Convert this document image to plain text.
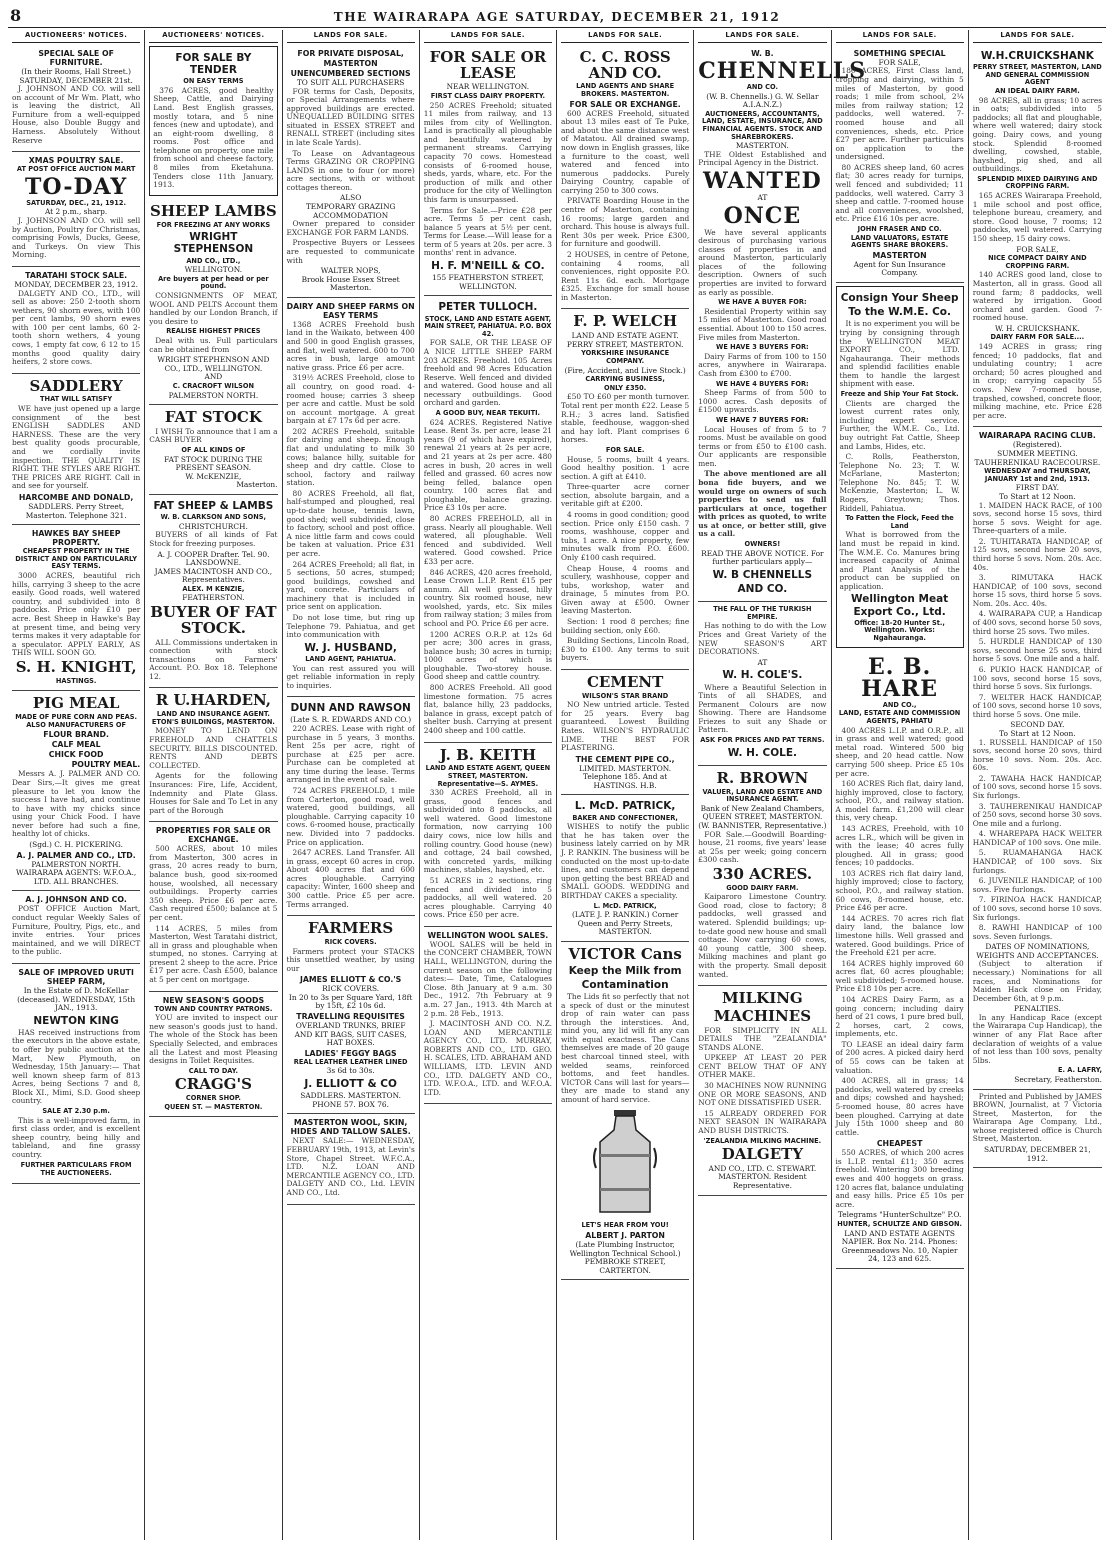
8	THE WAIRARAPA AGE SATURDAY, DECEMBER 21, 1912
AUCTIONEERS' NOTICES.
SPECIAL SALE OF FURNITURE.
(In their Rooms, Hall Street.) SATURDAY, DECEMBER 21st.

J. JOHNSON AND CO. will sell on account of Mr Wm. Platt, who is leaving the district, All Furniture from a well-equipped House, also Double Buggy and Harness. Absolutely Without Reserve

XMAS POULTRY SALE.
AT POST OFFICE AUCTION MART
TO-DAY
SATURDAY, DEC., 21, 1912.
At 2 p.m., sharp.

J. JOHNSON AND CO. will sell by Auction, Poultry for Christmas, comprising Fowls, Ducks, Geese, and Turkeys. On view This Morning.

TARATAHI STOCK SALE.
MONDAY, DECEMBER 23, 1912.

DALGETY AND CO., LTD., will sell as above: 250 2-tooth shorn wethers, 90 shorn ewes, with 100 per cent lambs, 90 shorn ewes with 100 per cent lambs, 60 2-tooth shorn wethers, 4 young cows, 1 empty fat cow, 6 12 to 15 months good quality dairy heifers, 2 store cows.

SADDLERY
THAT WILL SATISFY

WE have just opened up a large consignment of the best ENGLISH SADDLES AND HARNESS. These are the very best quality goods procurable, and we cordially invite inspection. THE QUALITY IS RIGHT. THE STYLES ARE RIGHT. THE PRICES ARE RIGHT. Call in and see for yourself.

HARCOMBE AND DONALD,
SADDLERS. Perry Street, Masterton. Telephone 321.
HAWKES BAY SHEEP PROPERTY.
CHEAPEST PROPERTY IN THE DISTRICT AND ON PARTICULARLY EASY TERMS.

3000 ACRES, beautiful rich hills, carrying 3 sheep to the acre easily. Good roads, well watered country, and subdivided into 8 paddocks. Price only £10 per acre. Best Sheep in Hawke's Bay at present time, and being very terms makes it very adaptable for a speculator. APPLY EARLY, AS THIS WILL SOON GO.

S. H. KNIGHT,
HASTINGS.
PIG MEAL
MADE OF PURE CORN AND PEAS. ALSO MANUFACTURERS OF
FLOUR BRAND.
CALF MEAL
CHICK FOOD
POULTRY MEAL.

Messrs A. J. PALMER AND CO. Dear Sirs,—It gives me great pleasure to let you know the success I have had, and continue to have with my chicks since using your Chick Food. I have never before had such a fine, healthy lot of chicks.

(Sgd.) C. H. PICKERING.
A. J. PALMER AND CO., LTD.
PALMERSTON NORTH.
WAIRARAPA AGENTS: W.F.O.A., LTD. ALL BRANCHES.
A. J. JOHNSON AND CO.

POST OFFICE Auction Mart, conduct regular Weekly Sales of Furniture, Poultry, Pigs, etc., and invite entries. Your prices maintained, and we will DIRECT to the public.

SALE OF IMPROVED URUTI SHEEP FARM,
In the Estate of D. McKellar (deceased). WEDNESDAY, 15th JAN., 1913.
NEWTON KING

HAS received instructions from the executors in the above estate, to offer by public auction at the Mart, New Plymouth, on Wednesday, 15th January:— That well known sheep farm of 813 Acres, being Sections 7 and 8, Block XI., Mimi, S.D. Good sheep country.

SALE AT 2.30 p.m.

This is a well-improved farm, in first class order, and is excellent sheep country, being hilly and tableland, and fine grassy country.

FURTHER PARTICULARS FROM
THE AUCTIONEERS.
AUCTIONEERS' NOTICES.
FOR SALE BY TENDER
ON EASY TERMS

376 ACRES, good healthy Sheep, Cattle, and Dairying Land. Best English grasses, mostly totara, and 5 nine fences (new and uptodate), and an eight-room dwelling, 8 rooms. Post office and telephone on property, one mile from school and cheese factory, 8 miles from Eketahuna. Tenders close 11th January, 1913.

SHEEP LAMBS
FOR FREEZING AT ANY WORKS
WRIGHT STEPHENSON
AND CO., LTD.,
WELLINGTON.
Are buyers at per head or per pound.

CONSIGNMENTS OF MEAT, WOOL AND PELTS Account them handled by our London Branch, if you desire to

REALISE HIGHEST PRICES

Deal with us. Full particulars can be obtained from

WRIGHT STEPHENSON AND CO., LTD., WELLINGTON.
AND
C. CRACROFT WILSON
PALMERSTON NORTH.
FAT STOCK

I WISH To announce that I am a CASH BUYER

OF ALL KINDS OF
FAT STOCK DURING THE PRESENT SEASON.
W. McKENZIE,
Masterton.
FAT SHEEP & LAMBS
W. B. CLARKSON AND SONS,
CHRISTCHURCH.

BUYERS of all kinds of Fat Stock for freezing purposes.

A. J. COOPER Drafter. Tel. 90.
LANSDOWNE.
JAMES MACINTOSH AND CO.,
Representatives.
ALEX. M KENZIE,
FEATHERSTON.
BUYER OF FAT STOCK.

ALL Commissions undertaken in connection with stock transactions on Farmers' Account. P.O. Box 18. Telephone 12.

R U.HARDEN,
LAND AND INSURANCE AGENT. ETON'S BUILDINGS, MASTERTON.

MONEY TO LEND ON FREEHOLD AND CHATTELS SECURITY. BILLS DISCOUNTED. RENTS AND DEBTS COLLECTED.

Agents for the following Insurances: Fire, Life, Accident, Indemnity and Plate Glass. Houses for Sale and To Let in any part of the Borough

PROPERTIES FOR SALE OR EXCHANGE.

500 ACRES, about 10 miles from Masterton, 300 acres in grass, 20 acres ready to burn, balance bush, good six-roomed house, woolshed, all necessary outbuildings. Property carries 350 sheep. Price £6 per acre. Cash required £500; balance at 5 per cent.

114 ACRES, 5 miles from Masterton, West Taratahi district, all in grass and ploughable when stumped, no stones. Carrying at present 2 sheep to the acre. Price £17 per acre. Cash £500, balance at 5 per cent on mortgage.

NEW SEASON'S GOODS
TOWN AND COUNTRY PATRONS.

YOU are invited to inspect our new season's goods just to hand. The whole of the Stock has been Specially Selected, and embraces all the Latest and most Pleasing designs in Toilet Requisites.

CALL TO DAY.
CRAGG'S
CORNER SHOP.
QUEEN ST. — MASTERTON.
LANDS FOR SALE.
FOR PRIVATE DISPOSAL,
MASTERTON
UNENCUMBERED SECTIONS
TO SUIT ALL PURCHASERS

FOR terms for Cash, Deposits, or Special Arrangements where approved buildings are erected. UNEQUALLED BUILDING SITES situated in ESSEX STREET and RENALL STREET (including sites in late Scale Yards).

To Lease on Advantageous Terms GRAZING OR CROPPING LANDS in one to four (or more) acre sections, with or without cottages thereon.

ALSO
TEMPORARY GRAZING ACCOMMODATION

Owner prepared to consider EXCHANGE FOR FARM LANDS.

Prospective Buyers or Lessees are requested to communicate with

WALTER NOPS,
Brook House Essex Street Masterton.
DAIRY AND SHEEP FARMS ON EASY TERMS

1368 ACRES Freehold bush land in the Waikato, between 400 and 500 in good English grasses, and flat, well watered. 600 to 700 acres in bush, large amount native grass. Price £6 per acre.

319½ ACRES Freehold, close to all country, on good road. 4-roomed house; carries 3 sheep per acre and cattle. Must be sold on account mortgage. A great bargain at £7 17s 6d per acre.

202 ACRES Freehold, suitable for dairying and sheep. Enough flat and undulating to milk 30 cows; balance hilly, suitable for sheep and dry cattle. Close to school, factory and railway station.

80 ACRES Freehold, all flat, half-stumped and ploughed, real up-to-date house, tennis lawn, good shed; well subdivided, close to factory, school and post office. A nice little farm and cows could be taken at valuation. Price £31 per acre.

264 ACRES Freehold; all flat, in 5 sections, 50 acres, stumped; good buildings, cowshed and yard, concrete. Particulars of machinery that is included in price sent on application.

Do not lose time, but ring up Telephone 79. Pahiatua, and get into communication with

W. J. HUSBAND,
LAND AGENT, PAHIATUA.

You can rest assured you will get reliable information in reply to inquiries.

DUNN AND RAWSON
(Late S. R. EDWARDS AND CO.)

220 ACRES. Lease with right of purchase in 5 years, 3 months. Rent 25s per acre, right of purchase at £25 per acre. Purchase can be completed at any time during the lease. Terms arranged in the event of sale.

724 ACRES FREEHOLD, 1 mile from Carterton, good road, well watered, good buildings, all ploughable. Carrying capacity 10 cows. 6-roomed house, practically new. Divided into 7 paddocks. Price on application.

2647 ACRES. Land Transfer. All in grass, except 60 acres in crop. About 400 acres flat and 600 acres ploughable. Carrying capacity: Winter, 1600 sheep and 300 cattle. Price £5 per acre. Terms arranged.

FARMERS
RICK COVERS.

Farmers protect your STACKS this unsettled weather, by using our

JAMES ELLIOTT & CO.'S
RICK COVERS.
In 20 to 3s per Square Yard, 18ft by 15ft, £2 10s 6d.
TRAVELLING REQUISITES
OVERLAND TRUNKS, BRIEF AND KIT BAGS, SUIT CASES, HAT BOXES.
LADIES' FEGGY BAGS
REAL LEATHER LEATHER LINED
3s 6d to 30s.
J. ELLIOTT & CO
SADDLERS. MASTERTON. PHONE 57. BOX 76.
MASTERTON WOOL, SKIN, HIDES AND TALLOW SALES.

NEXT SALE:— WEDNESDAY, FEBRUARY 19th, 1913, at Levin's Store, Chapel Street. W.F.C.A., LTD. N.Z. LOAN AND MERCANTILE AGENCY CO., LTD. DALGETY AND CO., Ltd. LEVIN AND CO., Ltd.

LANDS FOR SALE.
FOR SALE OR LEASE
NEAR WELLINGTON.
FIRST CLASS DAIRY PROPERTY.

250 ACRES Freehold; situated 11 miles from railway, and 13 miles from city of Wellington. Land is practically all ploughable and beautifully watered by permanent streams. Carrying capacity 70 cows. Homestead consists of 6-roomed house, sheds, yards, whare, etc. For the production of milk and other produce for the city of Wellington this farm is unsurpassed.

Terms for Sale.—Price £28 per acre. Terms 5 per cent cash, balance 5 years at 5½ per cent. Terms for Lease.—Will lease for a term of 5 years at 20s. per acre. 3 months' rent in advance.

H. F. M'NEILL & CO.
155 FEATHERSTON STREET, WELLINGTON.
PETER TULLOCH.
STOCK, LAND AND ESTATE AGENT, MAIN STREET, PAHIATUA. P.O. BOX 42.

FOR SALE, OR THE LEASE OF A NICE LITTLE SHEEP FARM 203 ACRES. Freehold. 105 Acres freehold and 98 Acres Education Reserve. Well fenced and divided and watered. Good house and all necessary outbuildings. Good orchard and garden.

A GOOD BUY, NEAR TEKUITI.

624 ACRES. Registered Native Lease. Rent 3s. per acre, lease 21 years (9 of which have expired), renewal 21 years at 2s per acre, and 21 years at 2s per acre. 480 acres in bush, 20 acres in well felled and grassed. 60 acres now being felled, balance open country. 100 acres flat and ploughable, balance grazing. Price £3 10s per acre.

80 ACRES FREEHOLD, all in grass. Nearly all ploughable. Well watered, all ploughable. Well fenced and subdivided. Well watered. Good cowshed. Price £33 per acre.

846 ACRES, 420 acres freehold, Lease Crown L.I.P. Rent £15 per annum. All well grassed, hilly country. Six roomed house, new woolshed, yards, etc. Six miles from railway station; 3 miles from school and PO. Price £6 per acre.

1200 ACRES O.R.P. at 12s 6d per acre; 300 acres in grass, balance bush; 30 acres in turnip; 1000 acres of which is ploughable. Two-storey house. Good sheep and cattle country.

800 ACRES Freehold. All good limestone formation. 75 acres flat, balance hilly, 23 paddocks, balance in grass, except patch of shelter bush. Carrying at present 2400 sheep and 100 cattle.

J. B. KEITH
LAND AND ESTATE AGENT, QUEEN STREET, MASTERTON. Representative—S. AYMES.

330 ACRES Freehold, all in grass, good fences and subdivided into 8 paddocks, all well watered. Good limestone formation, now carrying 100 dairy cows, nice low hills and rolling country. Good house (new) and cottage, 24 bail cowshed, with concreted yards, milking machines, stables, hayshed, etc.

51 ACRES in 2 sections, ring fenced and divided into 5 paddocks, all well watered. 20 acres ploughable. Carrying 40 cows. Price £50 per acre.

WELLINGTON WOOL SALES.

WOOL SALES will be held in the CONCERT CHAMBER, TOWN HALL, WELLINGTON, during the current season on the following dates:— Date, Time, Catalogues Close. 8th January at 9 a.m. 30 Dec., 1912. 7th February at 9 a.m. 27 Jan., 1913. 4th March at 2 p.m. 28 Feb., 1913.

J. MACINTOSH AND CO. N.Z. LOAN AND MERCANTILE AGENCY CO., LTD. MURRAY, ROBERTS AND CO., LTD. GEO. H. SCALES, LTD. ABRAHAM AND WILLIAMS, LTD. LEVIN AND CO., LTD. DALGETY AND CO., LTD. W.F.O.A., LTD. and W.F.O.A. LTD.

LANDS FOR SALE.
C. C. ROSS AND CO.
LAND AGENTS AND SHARE BROKERS. MASTERTON.
FOR SALE OR EXCHANGE.

600 ACRES Freehold, situated about 13 miles east of Te Puke, and about the same distance west of Matatou. All drained swamp, now down in English grasses, like a furniture to the coast, well watered and fenced into numerous paddocks. Purely Dairying Country, capable of carrying 250 to 300 cows.

PRIVATE Boarding House in the centre of Masterton, containing 16 rooms; large garden and orchard. This house is always full. Rent 30s per week. Price £300, for furniture and goodwill.

2 HOUSES, in centre of Petone, containing 4 rooms, all conveniences, right opposite P.O. Rent 11s 6d. each. Mortgage £325. Exchange for small house in Masterton.

F. P. WELCH
LAND AND ESTATE AGENT. PERRY STREET, MASTERTON.
YORKSHIRE INSURANCE COMPANY.
(Fire, Accident, and Live Stock.)
CARRYING BUSINESS,
ONLY £350.

£50 TO £60 per month turnover. Total rent per month £22. Lease 5 R.H.; 3 acres land. Satisfied stable, feedhouse, waggon-shed and hay loft. Plant comprises 6 horses.

FOR SALE.

House, 5 rooms, built 4 years. Good healthy position. 1 acre section. A gift at £410.

Three-quarter acre corner section, absolute bargain, and a veritable gift at £200.

4 rooms in good condition; good section. Price only £150 cash. 7 rooms, washhouse, copper and tubs, 1 acre. A nice property, few minutes walk from P.O. £600. Only £100 cash required.

Cheap House, 4 rooms and scullery, washhouse, copper and tubs, workshop, water and drainage, 5 minutes from P.O. Given away at £500. Owner leaving Masterton.

Section: 1 rood 8 perches; fine building section, only £60.

Building Sections, Lincoln Road, £30 to £100. Any terms to suit buyers.

CEMENT
WILSON'S STAR BRAND

NO New untried article. Tested for 25 years. Every bag guaranteed. Lowest Building Rates. WILSON'S HYDRAULIC LIME. THE BEST FOR PLASTERING.

THE CEMENT PIPE CO.,
LIMITED. MASTERTON. Telephone 185. And at HASTINGS. H.B.
L. McD. PATRICK,
BAKER AND CONFECTIONER,

WISHES to notify the public that he has taken over the business lately carried on by MR J. P. RANKIN. The business will be conducted on the most up-to-date lines, and customers can depend upon getting the best BREAD and SMALL GOODS. WEDDING and BIRTHDAY CAKES a speciality.

L. McD. PATRICK,
(LATE J. P. RANKIN.) Corner Queen and Perry Streets, MASTERTON.
VICTOR Cans
Keep the Milk from
Contamination

The Lids fit so perfectly that not a speck of dust or the minutest drop of rain water can pass through the interstices. And, mind you, any lid will fit any can with equal exactness. The Cans themselves are made of 20 gauge best charcoal tinned steel, with welded seams, reinforced bottoms, and feet handles. VICTOR Cans will last for years—they are made to stand any amount of hard service.

LET'S HEAR FROM YOU!
ALBERT J. PARTON
(Late Plumbing Instructor, Wellington Technical School.) PEMBROKE STREET, CARTERTON.
LANDS FOR SALE.
W. B.
CHENNELLS
AND CO.
(W. B. Chennells.) G. W. Sellar A.I.A.N.Z.)
AUCTIONEERS, ACCOUNTANTS, LAND, ESTATE, INSURANCE, AND FINANCIAL AGENTS. STOCK AND SHAREBROKERS.
MASTERTON.

THE Oldest Established and Principal Agency in the District.

WANTED
AT
ONCE

We have several applicants desirous of purchasing various classes of properties in and around Masterton, particularly places of the following description. Owners of such properties are invited to forward as early as possible.

WE HAVE A BUYER FOR:

Residential Property within say 15 miles of Masterton. Good road essential. About 100 to 150 acres. Five miles from Masterton.

WE HAVE 3 BUYERS FOR:

Dairy Farms of from 100 to 150 acres, anywhere in Wairarapa. Cash from £300 to £700.

WE HAVE 4 BUYERS FOR:

Sheep Farms of from 500 to 1000 acres. Cash deposits of £1500 upwards.

WE HAVE 7 BUYERS FOR:

Local Houses of from 5 to 7 rooms. Must be available on good terms or from £50 to £100 cash. Our applicants are responsible men.

The above mentioned are all bona fide buyers, and we would urge on owners of such properties to send us full particulars at once, together with prices as quoted, to write us at once, or better still, give us a call.

OWNERS!
READ THE ABOVE NOTICE. For further particulars apply—
W. B CHENNELLS
AND CO.
THE FALL OF THE TURKISH EMPIRE.

Has nothing to do with the Low Prices and Great Variety of the NEW SEASON'S ART DECORATIONS.

AT
W. H. COLE'S.

Where a Beautiful Selection in Tints of all SHADES, and Permanent Colours are now Showing. There are Handsome Friezes to suit any Shade or Pattern.

ASK FOR PRICES AND PAT TERNS.
W. H. COLE.
R. BROWN
VALUER, LAND AND ESTATE AND INSURANCE AGENT.
Bank of New Zealand Chambers, QUEEN STREET, MASTERTON. (W. BANNISTER, Representative.)

FOR Sale.—Goodwill Boarding-house, 21 rooms, five years' lease at 25s per week; going concern £300 cash.

330 ACRES.
GOOD DAIRY FARM.

Kaiparoro Limestone Country. Good road, close to factory; 8 paddocks, well grassed and watered. Splendid buildings; up-to-date good new house and small cottage. Now carrying 60 cows, 40 young cattle, 300 sheep. Milking machines and plant go with the property. Small deposit wanted.

MILKING
MACHINES

FOR SIMPLICITY IN ALL DETAILS THE "ZEALANDIA" STANDS ALONE.

UPKEEP AT LEAST 20 PER CENT BELOW THAT OF ANY OTHER MAKE.

30 MACHINES NOW RUNNING ONE OR MORE SEASONS, AND NOT ONE DISSATISFIED USER.

15 ALREADY ORDERED FOR NEXT SEASON IN WAIRARAPA AND BUSH DISTRICTS.

'ZEALANDIA MILKING MACHINE.
DALGETY
AND CO., LTD. C. STEWART. MASTERTON. Resident Representative.
LANDS FOR SALE.
SOMETHING SPECIAL
FOR SALE,

180 ACRES, First Class land, cropping and dairying, within 5 miles of Masterton, by good roads; 1 mile from school, 2¼ miles from railway station; 12 paddocks, well watered. 7-roomed house and all conveniences, sheds, etc. Price £27 per acre. Further particulars on application to the undersigned.

80 ACRES sheep land, 60 acres flat; 30 acres ready for turnips, well fenced and subdivided; 11 paddocks, well watered. Carry 3 sheep and cattle. 7-roomed house and all conveniences, woolshed, etc. Price £16 10s per acre.

JOHN FRASER AND CO.
LAND VALUATORS, ESTATE AGENTS SHARE BROKERS.
MASTERTON
Agent for Sun Insurance Company.
Consign Your Sheep
To the W.M.E. Co.

It is no experiment you will be trying by consigning through the WELLINGTON MEAT EXPORT CO., LTD. Ngahauranga. Their methods and splendid facilities enable them to handle the largest shipment with ease.

Freeze and Ship Your Fat Stock.

Clients are charged the lowest current rates only, including expert service. Further, the W.M.E. Co., Ltd. buy outright Fat Cattle, Sheep and Lambs, Hides, etc.

C. Rolls, Featherston, Telephone No. 23; T. W. McFarlane, Masterton; Telephone No. 845; T. W. McKenzie, Masterton; L. W. Rogers, Greytown; Thos. Riddell, Pahiatua.

To Fatten the Flock, Feed the Land

What is borrowed from the land must be repaid in kind. The W.M.E. Co. Manures bring increased capacity of Animal and Plant Analysis of the product can be supplied on application.

Wellington Meat Export Co., Ltd.
Office: 18-20 Hunter St., Wellington. Works: Ngahauranga.
E. B. HARE
AND CO.,
LAND, ESTATE AND COMMISSION AGENTS, PAHIATU

400 ACRES L.I.P. and O.R.P., all in grass and well watered; good metal road. Wintered 500 big sheep, and 20 head cattle. Now carrying 500 sheep. Price £5 10s per acre.

160 ACRES Rich flat, dairy land, highly improved, close to factory, school, P.O., and railway station. A model farm. £1,200 will clear this, very cheap.

143 ACRES, Freehold, with 10 acres L.R., which will be given in with the lease; 40 acres fully ploughed. All in grass; good fences; 10 paddocks.

103 ACRES rich flat dairy land, highly improved; close to factory, school, P.O., and railway station. 60 cows, 8-roomed house, etc. Price £46 per acre.

144 ACRES. 70 acres rich flat dairy land, the balance low limestone hills. Well grassed and watered. Good buildings. Price of the Freehold £21 per acre.

164 ACRES highly improved 60 acres flat, 60 acres ploughable; well subdivided; 5-roomed house. Price £18 10s per acre.

104 ACRES Dairy Farm, as a going concern; including dairy herd of 21 cows, 1 pure bred bull, 2 horses, cart, 2 cows, implements, etc.

TO LEASE an ideal dairy farm of 200 acres. A picked dairy herd of 55 cows can be taken at valuation.

400 ACRES, all in grass; 14 paddocks, well watered by creeks and dips; cowshed and hayshed; 5-roomed house, 80 acres have been ploughed. Carrying at date July 15th 1000 sheep and 80 cattle.

CHEAPEST

550 ACRES, of which 200 acres is L.I.P. rental £11; 350 acres freehold. Wintering 300 breeding ewes and 400 hoggets on grass. 120 acres flat, balance undulating and easy hills. Price £5 10s per acre.

Telegrams "HunterSchultze" P.O.
HUNTER, SCHULTZE AND GIBSON.
LAND AND ESTATE AGENTS NAPIER. Box No. 214. Phones: Greenmeadows No. 10, Napier 24, 123 and 625.
LANDS FOR SALE.
W.H.CRUICKSHANK
PERRY STREET, MASTERTON, LAND AND GENERAL COMMISSION AGENT
AN IDEAL DAIRY FARM.

98 ACRES, all in grass; 10 acres in oats; subdivided into 5 paddocks; all flat and ploughable, where well watered; dairy stock going. Dairy cows, and young stock. Splendid 8-roomed dwelling, cowshed, stable, hayshed, pig shed, and all outbuildings.

SPLENDID MIXED DAIRYING AND CROPPING FARM.

165 ACRES Wairarapa Freehold, 1 mile school and post office, telephone bureau, creamery, and store. Good house, 7 rooms; 12 paddocks, well watered. Carrying 150 sheep, 15 dairy cows.

FOR SALE,
NICE COMPACT DAIRY AND CROPPING FARM.

140 ACRES good land, close to Masterton, all in grass. Good all round farm; 8 paddocks, well watered by irrigation. Good orchard and garden. Good 7-roomed house.

W. H. CRUICKSHANK.
DAIRY FARM FOR SALE....

149 ACRES in grass; ring fenced; 10 paddocks, flat and undulating country; 1 acre orchard; 50 acres ploughed and in crop; carrying capacity 55 cows. New 7-roomed house, trapshed, cowshed, concrete floor, milking machine, etc. Price £28 per acre.

WAIRARAPA RACING CLUB.
(Registered).
SUMMER MEETING.
TAUHERENIKAU RACECOURSE.
WEDNESDAY and THURSDAY, JANUARY 1st and 2nd, 1913.
FIRST DAY.
To Start at 12 Noon.

1. MAIDEN HACK RACE, of 100 sovs, second horse 15 sovs, third horse 5 sovs. Weight for age. Three-quarters of a mile.

2. TUHITARATA HANDICAP, of 125 sovs, second horse 20 sovs, third horse 5 sovs. Nom. 20s. Acc. 40s.

3. RIMUTAKA HACK HANDICAP, of 100 sovs, second horse 15 sovs, third horse 5 sovs. Nom. 20s. Acc. 40s.

4. WAIRARAPA CUP, a Handicap of 400 sovs, second horse 50 sovs, third horse 25 sovs. Two miles.

5. HURDLE HANDICAP of 130 sovs, second horse 25 sovs, third horse 5 sovs. One mile and a half.

6. PUKIO HACK HANDICAP, of 100 sovs, second horse 15 sovs, third horse 5 sovs. Six furlongs.

7. WELTER HACK HANDICAP, of 100 sovs, second horse 10 sovs, third horse 5 sovs. One mile.

SECOND DAY.
To Start at 12 Noon.

1. RUSSELL HANDICAP of 150 sovs, second horse 20 sovs, third horse 10 sovs. Nom. 20s. Acc. 60s.

2. TAWAHA HACK HANDICAP, of 100 sovs, second horse 15 sovs. Six furlongs.

3. TAUHERENIKAU HANDICAP of 250 sovs, second horse 30 sovs. One mile and a furlong.

4. WHAREPAPA HACK WELTER HANDICAP of 100 sovs. One mile.

5. RUAMAHANGA HACK HANDICAP, of 100 sovs. Six furlongs.

6. JUVENILE HANDICAP, of 100 sovs. Five furlongs.

7. FIRINOA HACK HANDICAP, of 100 sovs, second horse 10 sovs. Six furlongs.

8. RAWHI HANDICAP of 100 sovs. Seven furlongs.

DATES OF NOMINATIONS, WEIGHTS AND ACCEPTANCES.

(Subject to alteration if necessary.) Nominations for all races, and Nominations for Maiden Hack close on Friday, December 6th, at 9 p.m.

PENALTIES.

In any Handicap Race (except the Wairarapa Cup Handicap), the winner of any Flat Race after declaration of weights of a value of not less than 100 sovs, penalty 5lbs.

E. A. LAFRY,
Secretary, Featherston.

Printed and Published by JAMES BROWN, Journalist, at 7 Victoria Street, Masterton, for the Wairarapa Age Company, Ltd., whose registered office is Church Street, Masterton.

SATURDAY, DECEMBER 21, 1912.
